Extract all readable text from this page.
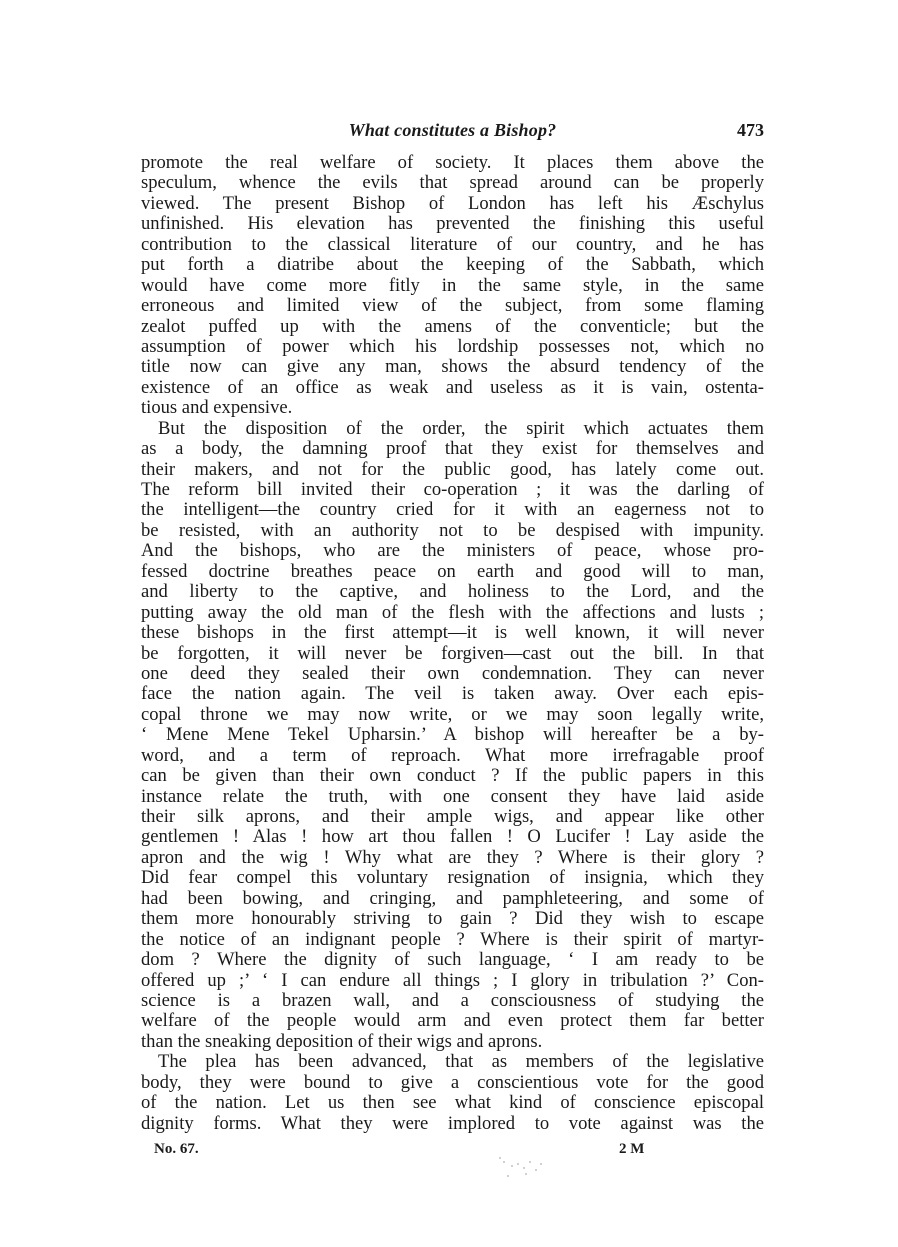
What constitutes a Bishop?	473
promote the real welfare of society. It places them above the
speculum, whence the evils that spread around can be properly
viewed. The present Bishop of London has left his Æschylus
unfinished. His elevation has prevented the finishing this useful
contribution to the classical literature of our country, and he has
put forth a diatribe about the keeping of the Sabbath, which
would have come more fitly in the same style, in the same
erroneous and limited view of the subject, from some flaming
zealot puffed up with the amens of the conventicle; but the
assumption of power which his lordship possesses not, which no
title now can give any man, shows the absurd tendency of the
existence of an office as weak and useless as it is vain, ostenta-
tious and expensive.
But the disposition of the order, the spirit which actuates them
as a body, the damning proof that they exist for themselves and
their makers, and not for the public good, has lately come out.
The reform bill invited their co-operation ; it was the darling of
the intelligent—the country cried for it with an eagerness not to
be resisted, with an authority not to be despised with impunity.
And the bishops, who are the ministers of peace, whose pro-
fessed doctrine breathes peace on earth and good will to man,
and liberty to the captive, and holiness to the Lord, and the
putting away the old man of the flesh with the affections and lusts ;
these bishops in the first attempt—it is well known, it will never
be forgotten, it will never be forgiven—cast out the bill. In that
one deed they sealed their own condemnation. They can never
face the nation again. The veil is taken away. Over each epis-
copal throne we may now write, or we may soon legally write,
‘ Mene Mene Tekel Upharsin.’ A bishop will hereafter be a by-
word, and a term of reproach. What more irrefragable proof
can be given than their own conduct ? If the public papers in this
instance relate the truth, with one consent they have laid aside
their silk aprons, and their ample wigs, and appear like other
gentlemen ! Alas ! how art thou fallen ! O Lucifer ! Lay aside the
apron and the wig ! Why what are they ? Where is their glory ?
Did fear compel this voluntary resignation of insignia, which they
had been bowing, and cringing, and pamphleteering, and some of
them more honourably striving to gain ? Did they wish to escape
the notice of an indignant people ? Where is their spirit of martyr-
dom ? Where the dignity of such language, ‘ I am ready to be
offered up ;’ ‘ I can endure all things ; I glory in tribulation ?’ Con-
science is a brazen wall, and a consciousness of studying the
welfare of the people would arm and even protect them far better
than the sneaking deposition of their wigs and aprons.
The plea has been advanced, that as members of the legislative
body, they were bound to give a conscientious vote for the good
of the nation. Let us then see what kind of conscience episcopal
dignity forms. What they were implored to vote against was the
No. 67.	2 M
